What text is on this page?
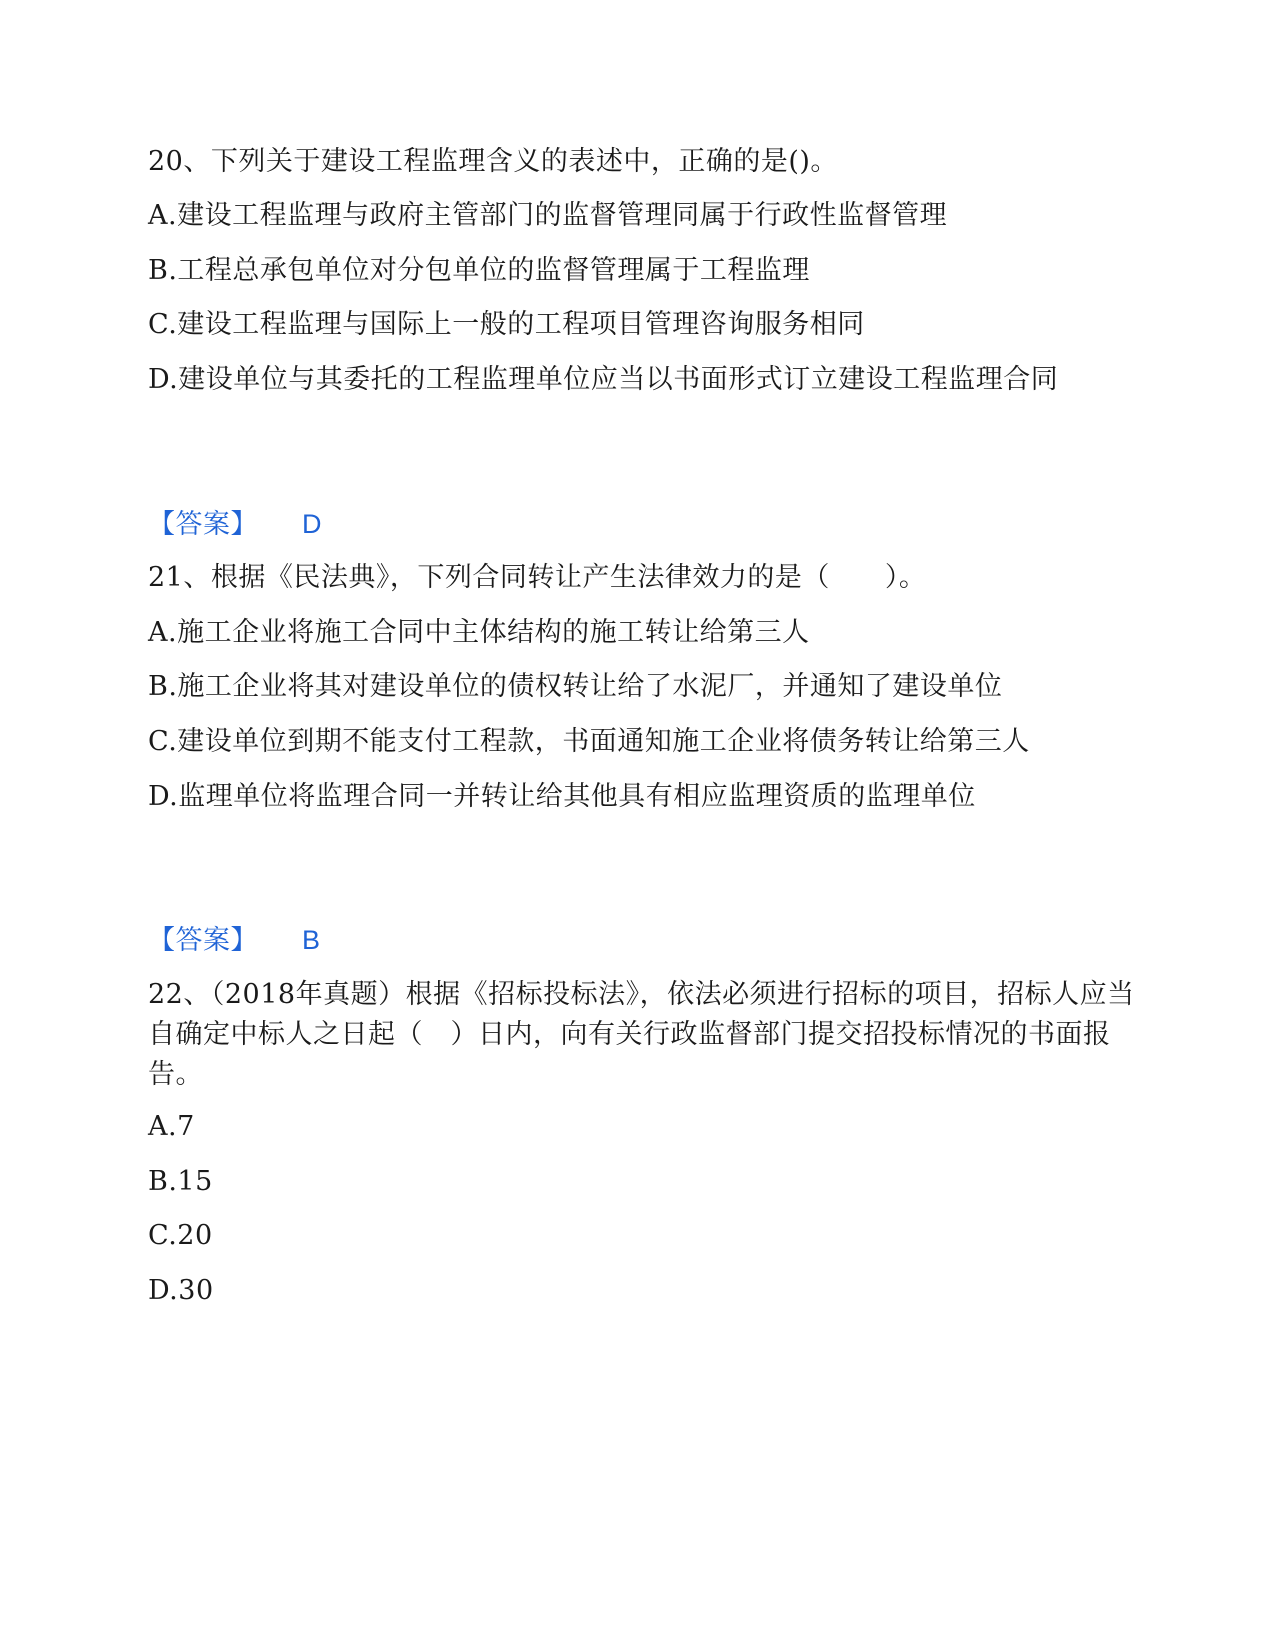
20、下列关于建设工程监理含义的表述中，正确的是()。
A.建设工程监理与政府主管部门的监督管理同属于行政性监督管理
B.工程总承包单位对分包单位的监督管理属于工程监理
C.建设工程监理与国际上一般的工程项目管理咨询服务相同
D.建设单位与其委托的工程监理单位应当以书面形式订立建设工程监理合同
【答案】 D
21、根据《民法典》，下列合同转让产生法律效力的是（　　）。
A.施工企业将施工合同中主体结构的施工转让给第三人
B.施工企业将其对建设单位的债权转让给了水泥厂，并通知了建设单位
C.建设单位到期不能支付工程款，书面通知施工企业将债务转让给第三人
D.监理单位将监理合同一并转让给其他具有相应监理资质的监理单位
【答案】 B
22、（2018年真题）根据《招标投标法》，依法必须进行招标的项目，招标人应当自确定中标人之日起（　）日内，向有关行政监督部门提交招投标情况的书面报告。
A.7
B.15
C.20
D.30
